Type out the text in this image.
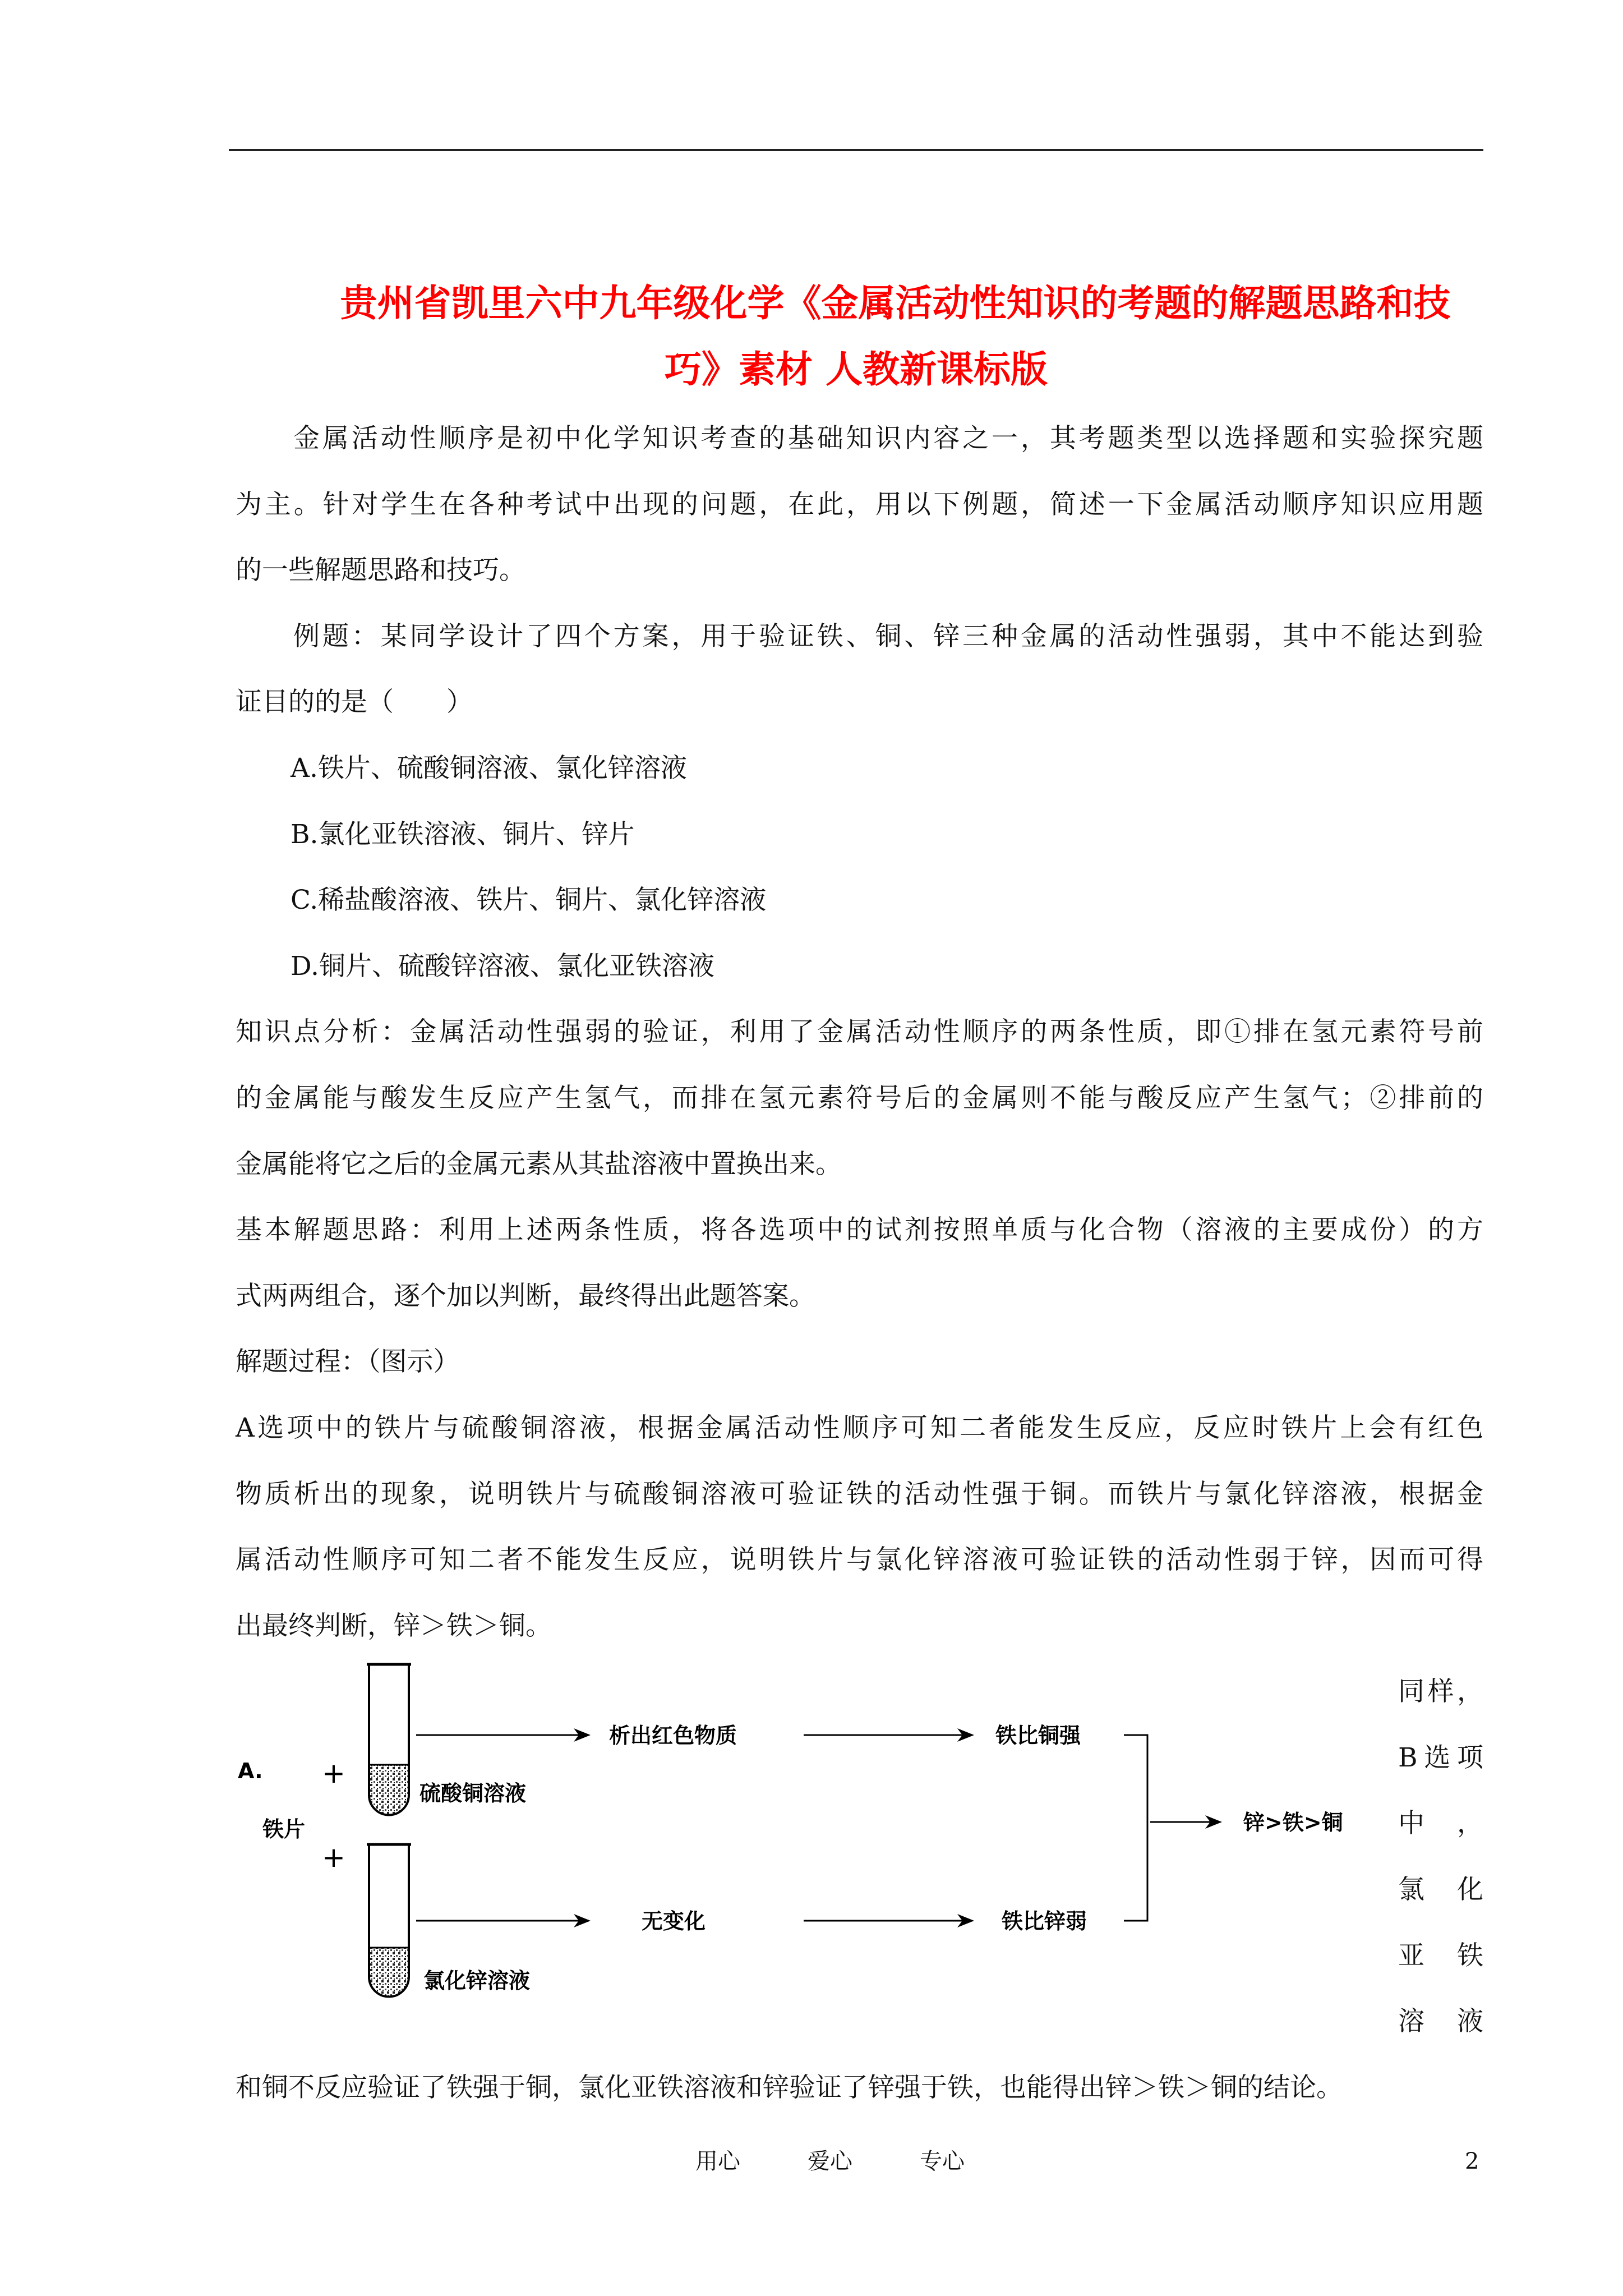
贵州省凯里六中九年级化学《金属活动性知识的考题的解题思路和技
巧》素材 人教新课标版
金属活动性顺序是初中化学知识考查的基础知识内容之一，其考题类型以选择题和实验探究题
为主。针对学生在各种考试中出现的问题，在此，用以下例题，简述一下金属活动顺序知识应用题
的一些解题思路和技巧。
例题：某同学设计了四个方案，用于验证铁、铜、锌三种金属的活动性强弱，其中不能达到验
证目的的是（　　）
A.铁片、硫酸铜溶液、氯化锌溶液
B.氯化亚铁溶液、铜片、锌片
C.稀盐酸溶液、铁片、铜片、氯化锌溶液
D.铜片、硫酸锌溶液、氯化亚铁溶液
知识点分析：金属活动性强弱的验证，利用了金属活动性顺序的两条性质，即①排在氢元素符号前
的金属能与酸发生反应产生氢气，而排在氢元素符号后的金属则不能与酸反应产生氢气；②排前的
金属能将它之后的金属元素从其盐溶液中置换出来。
基本解题思路：利用上述两条性质，将各选项中的试剂按照单质与化合物（溶液的主要成份）的方
式两两组合，逐个加以判断，最终得出此题答案。
解题过程：（图示）
A选项中的铁片与硫酸铜溶液，根据金属活动性顺序可知二者能发生反应，反应时铁片上会有红色
物质析出的现象，说明铁片与硫酸铜溶液可验证铁的活动性强于铜。而铁片与氯化锌溶液，根据金
属活动性顺序可知二者不能发生反应，说明铁片与氯化锌溶液可验证铁的活动性弱于锌，因而可得
出最终判断，锌＞铁＞铜。
同样，
B选项
中　，
氯　化
亚　铁
溶　液
和铜不反应验证了铁强于铜，氯化亚铁溶液和锌验证了锌强于铁，也能得出锌＞铁＞铜的结论。
A. +
+
铁片
硫酸铜溶液
氯化锌溶液
析出红色物质	铁比铜强
无变化	铁比锌弱
锌>铁>铜
用心	爱心	专心	2
